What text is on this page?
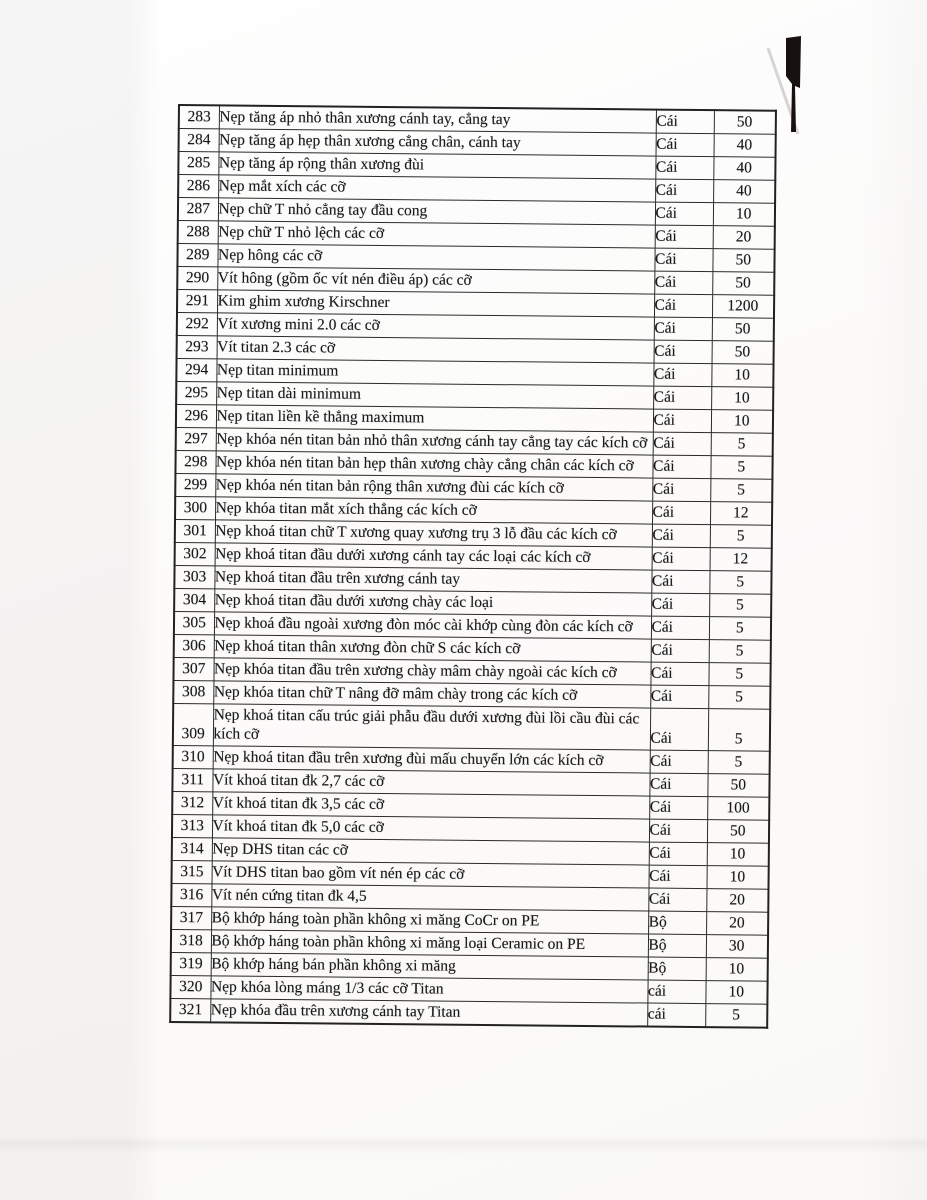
283	Nẹp tăng áp nhỏ thân xương cánh tay, cẳng tay	Cái	50
284	Nẹp tăng áp hẹp thân xương cẳng chân, cánh tay	Cái	40
285	Nẹp tăng áp rộng thân xương đùi	Cái	40
286	Nẹp mắt xích các cỡ	Cái	40
287	Nẹp chữ T nhỏ cẳng tay đầu cong	Cái	10
288	Nẹp chữ T nhỏ lệch các cỡ	Cái	20
289	Nẹp hông các cỡ	Cái	50
290	Vít hông (gồm ốc vít nén điều áp) các cỡ	Cái	50
291	Kim ghim xương Kirschner	Cái	1200
292	Vít xương mini 2.0 các cỡ	Cái	50
293	Vít titan 2.3 các cỡ	Cái	50
294	Nẹp titan minimum	Cái	10
295	Nẹp titan dài minimum	Cái	10
296	Nẹp titan liền kề thẳng maximum	Cái	10
297	Nẹp khóa nén titan bản nhỏ thân xương cánh tay cẳng tay các kích cỡ	Cái	5
298	Nẹp khóa nén titan bản hẹp thân xương chày cẳng chân các kích cỡ	Cái	5
299	Nẹp khóa nén titan bản rộng thân xương đùi các kích cỡ	Cái	5
300	Nẹp khóa titan mắt xích thẳng các kích cỡ	Cái	12
301	Nẹp khoá titan chữ T xương quay xương trụ 3 lỗ đầu các kích cỡ	Cái	5
302	Nẹp khoá titan đầu dưới xương cánh tay các loại các kích cỡ	Cái	12
303	Nẹp khoá titan đầu trên xương cánh tay	Cái	5
304	Nẹp khoá titan đầu dưới xương chày các loại	Cái	5
305	Nẹp khoá đầu ngoài xương đòn móc cài khớp cùng đòn các kích cỡ	Cái	5
306	Nẹp khoá titan thân xương đòn chữ S các kích cỡ	Cái	5
307	Nẹp khóa titan đầu trên xương chày mâm chày ngoài các kích cỡ	Cái	5
308	Nẹp khóa titan chữ T nâng đỡ mâm chày trong các kích cỡ	Cái	5
309	Nẹp khoá titan cấu trúc giải phẫu đầu dưới xương đùi lồi cầu đùi các kích cỡ	Cái	5
310	Nẹp khoá titan đầu trên xương đùi mấu chuyển lớn các kích cỡ	Cái	5
311	Vít khoá titan đk 2,7 các cỡ	Cái	50
312	Vít khoá titan đk 3,5 các cỡ	Cái	100
313	Vít khoá titan đk 5,0 các cỡ	Cái	50
314	Nẹp DHS titan các cỡ	Cái	10
315	Vít DHS titan bao gồm vít nén ép các cỡ	Cái	10
316	Vít nén cứng titan đk 4,5	Cái	20
317	Bộ khớp háng toàn phần không xi măng CoCr on PE	Bộ	20
318	Bộ khớp háng toàn phần không xi măng loại Ceramic on PE	Bộ	30
319	Bộ khớp háng bán phần không xi măng	Bộ	10
320	Nẹp khóa lòng máng 1/3 các cỡ Titan	cái	10
321	Nẹp khóa đầu trên xương cánh tay Titan	cái	5
